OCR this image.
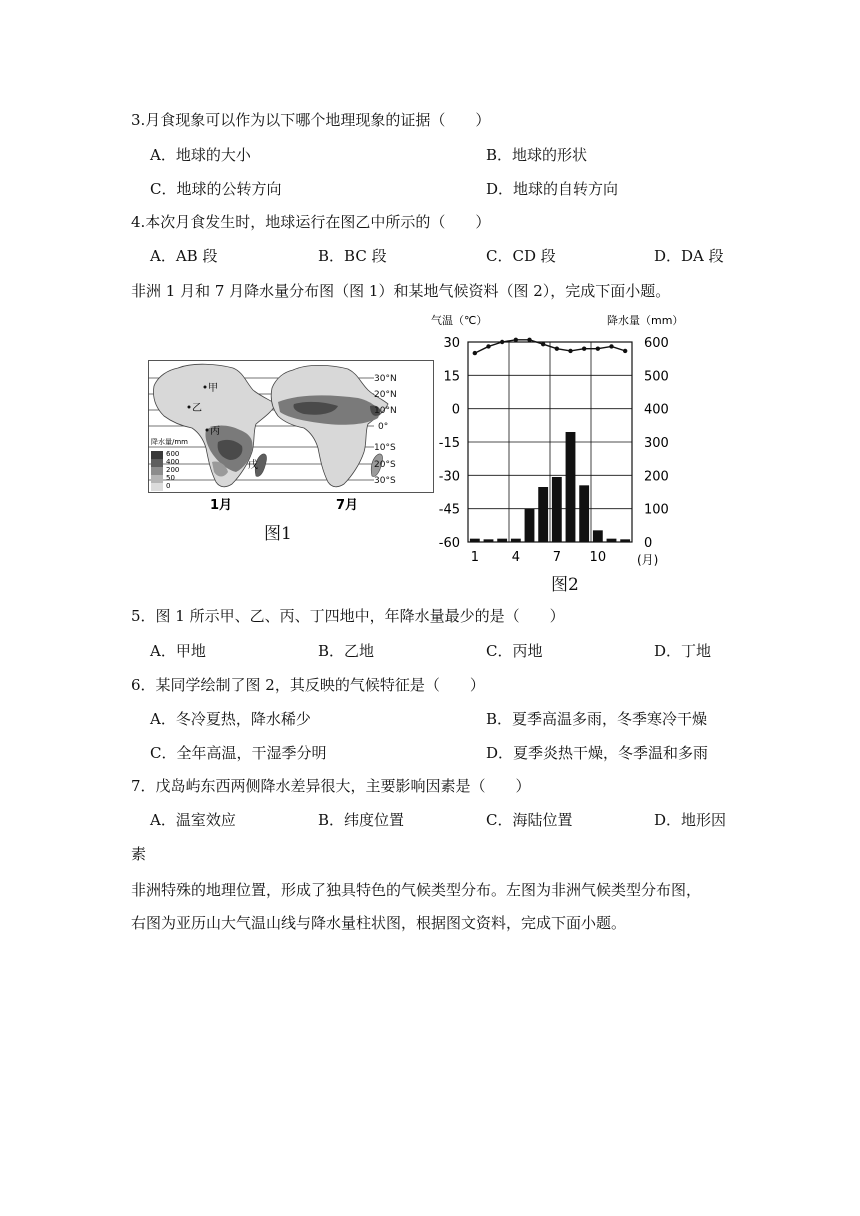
3.月食现象可以作为以下哪个地理现象的证据（　　）
A．地球的大小	B．地球的形状
C．地球的公转方向	D．地球的自转方向
4.本次月食发生时，地球运行在图乙中所示的（　　）
A．AB 段	B．BC 段	C．CD 段	D．DA 段
非洲 1 月和 7 月降水量分布图（图 1）和某地气候资料（图 2），完成下面小题。
30°N
20°N
10°N
0°
10°S
20°S
30°S
甲
乙
丙
戊
降水量/mm
600
400
200
50
0
1月	7月
图1
气温（℃）	降水量（mm）
30
15
0
-15
-30
-45
-60
600
500
400
300
200
100
0
1	4	7 10	(月)
图2
5．图 1 所示甲、乙、丙、丁四地中，年降水量最少的是（　　）
A．甲地	B．乙地	C．丙地	D．丁地
6．某同学绘制了图 2，其反映的气候特征是（　　）
A．冬冷夏热，降水稀少	B．夏季高温多雨，冬季寒冷干燥
C．全年高温，干湿季分明	D．夏季炎热干燥，冬季温和多雨
7．戊岛屿东西两侧降水差异很大，主要影响因素是（　　）
A．温室效应	B．纬度位置	C．海陆位置	D．地形因
素
非洲特殊的地理位置，形成了独具特色的气候类型分布。左图为非洲气候类型分布图，
右图为亚历山大气温山线与降水量柱状图，根据图文资料，完成下面小题。
